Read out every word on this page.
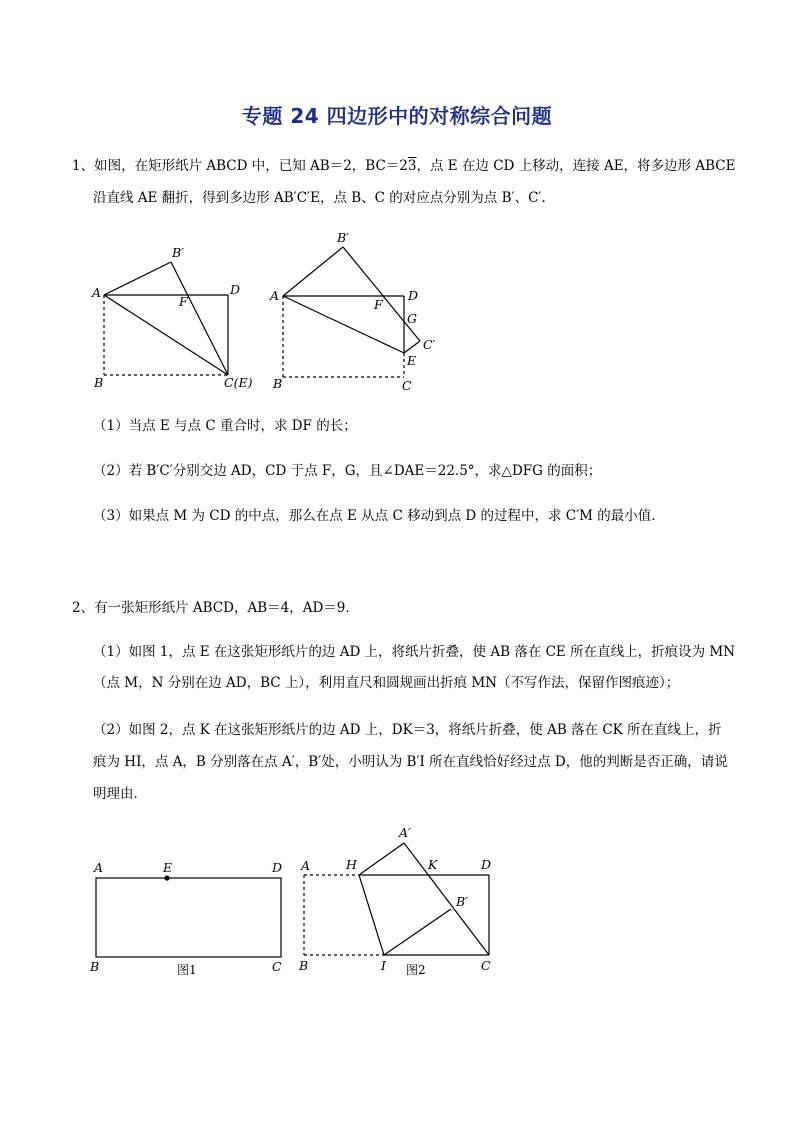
专题 24 四边形中的对称综合问题
1、如图，在矩形纸片 ABCD 中，已知 AB＝2，BC＝23，点 E 在边 CD 上移动，连接 AE，将多边形 ABCE
沿直线 AE 翻折，得到多边形 AB′C′E，点 B、C 的对应点分别为点 B′、C′.
A
B′
D
F
B	C(E)
A
B′
D
F
G
C′
E
B	C
（1）当点 E 与点 C 重合时，求 DF 的长；
（2）若 B′C′分别交边 AD，CD 于点 F，G，且∠DAE＝22.5°，求△DFG 的面积；
（3）如果点 M 为 CD 的中点，那么在点 E 从点 C 移动到点 D 的过程中，求 C′M 的最小值．
2、有一张矩形纸片 ABCD，AB＝4，AD＝9．
（1）如图 1，点 E 在这张矩形纸片的边 AD 上，将纸片折叠，使 AB 落在 CE 所在直线上，折痕设为 MN
（点 M，N 分别在边 AD，BC 上），利用直尺和圆规画出折痕 MN（不写作法，保留作图痕迹）；
（2）如图 2，点 K 在这张矩形纸片的边 AD 上，DK＝3，将纸片折叠，使 AB 落在 CK 所在直线上，折
痕为 HI，点 A，B 分别落在点 A′，B′处，小明认为 B′I 所在直线恰好经过点 D，他的判断是否正确，请说
明理由．
A	E	D
B	C
图1
A	H
A′
K	D
B′
B	I	C
图2
